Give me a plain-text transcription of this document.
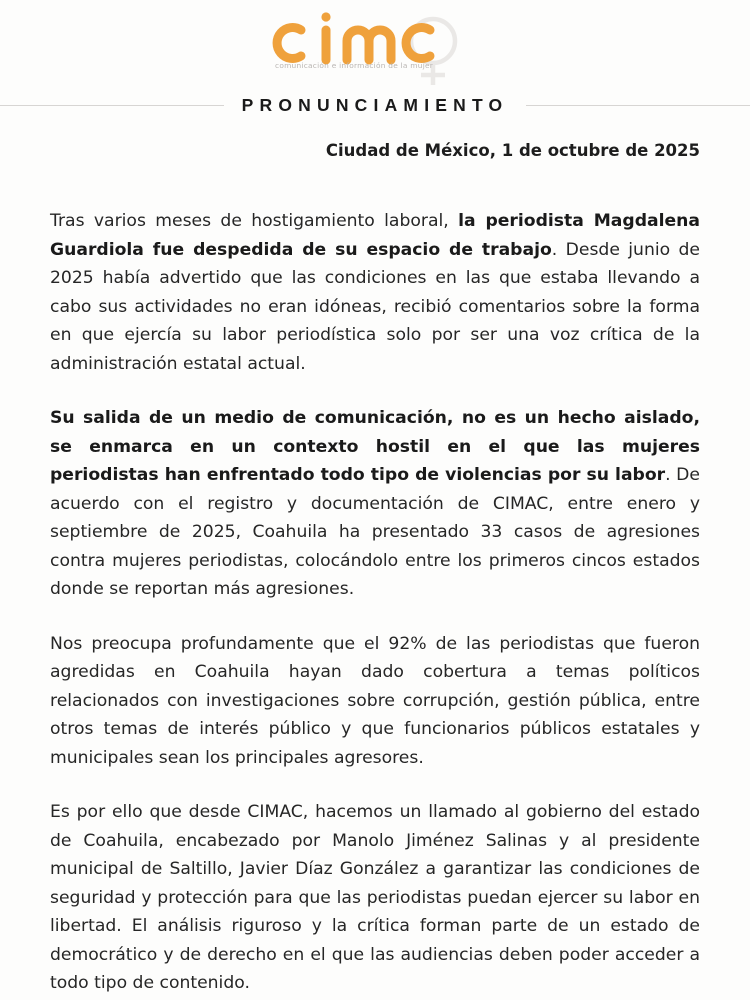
comunicación e información de la mujer
PRONUNCIAMIENTO
Ciudad de México, 1 de octubre de 2025

Tras varios meses de hostigamiento laboral, la periodista Magdalena Guardiola fue despedida de su espacio de trabajo. Desde junio de 2025 había advertido que las condiciones en las que estaba llevando a cabo sus actividades no eran idóneas, recibió comentarios sobre la forma en que ejercía su labor periodística solo por ser una voz crítica de la administración estatal actual.

Su salida de un medio de comunicación, no es un hecho aislado, se enmarca en un contexto hostil en el que las mujeres periodistas han enfrentado todo tipo de violencias por su labor. De acuerdo con el registro y documentación de CIMAC, entre enero y septiembre de 2025, Coahuila ha presentado 33 casos de agresiones contra mujeres periodistas, colocándolo entre los primeros cincos estados donde se reportan más agresiones.

Nos preocupa profundamente que el 92% de las periodistas que fueron agredidas en Coahuila hayan dado cobertura a temas políticos relacionados con investigaciones sobre corrupción, gestión pública, entre otros temas de interés público y que funcionarios públicos estatales y municipales sean los principales agresores.

Es por ello que desde CIMAC, hacemos un llamado al gobierno del estado de Coahuila, encabezado por Manolo Jiménez Salinas y al presidente municipal de Saltillo, Javier Díaz González a garantizar las condiciones de seguridad y protección para que las periodistas puedan ejercer su labor en libertad. El análisis riguroso y la crítica forman parte de un estado de democrático y de derecho en el que las audiencias deben poder acceder a todo tipo de contenido.
